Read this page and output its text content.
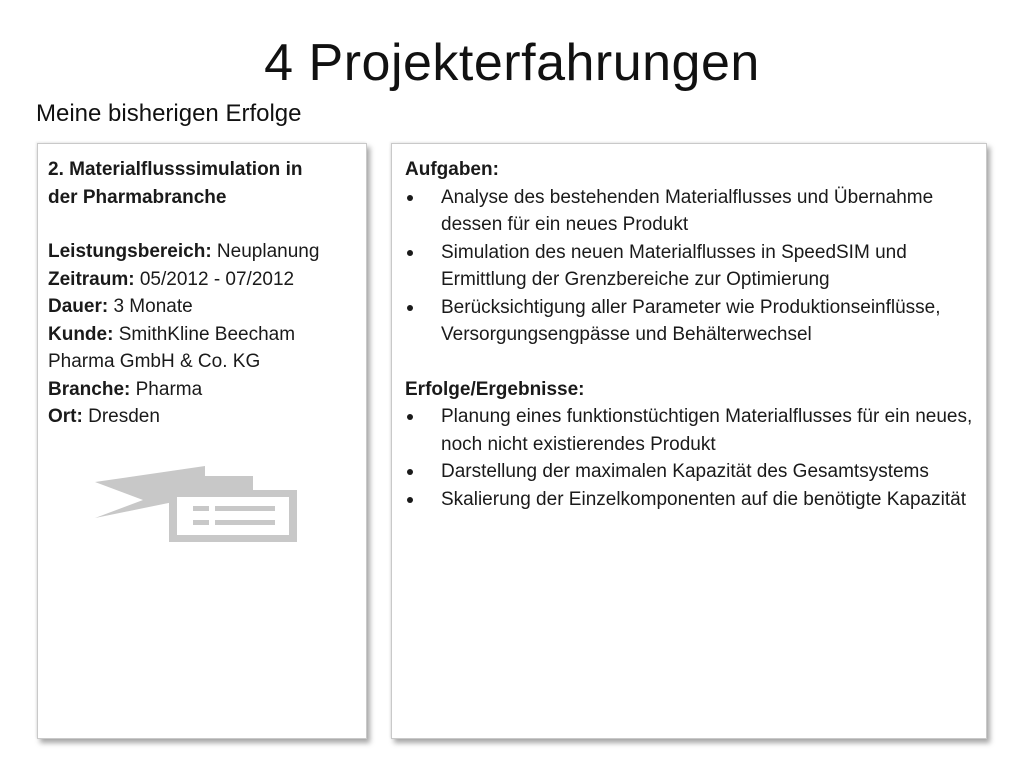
4 Projekterfahrungen
Meine bisherigen Erfolge
2. Materialflusssimulation in
der Pharmabranche
Leistungsbereich: Neuplanung
Zeitraum: 05/2012 - 07/2012
Dauer: 3 Monate
Kunde: SmithKline Beecham Pharma GmbH & Co. KG
Branche: Pharma
Ort: Dresden
Aufgaben:
Analyse des bestehenden Materialflusses und Übernahme dessen für ein neues Produkt
Simulation des neuen Materialflusses in SpeedSIM und Ermittlung der Grenzbereiche zur Optimierung
Berücksichtigung aller Parameter wie Produktionseinflüsse, Versorgungsengpässe und Behälterwechsel
Erfolge/Ergebnisse:
Planung eines funktionstüchtigen Materialflusses für ein neues, noch nicht existierendes Produkt
Darstellung der maximalen Kapazität des Gesamtsystems
Skalierung der Einzelkomponenten auf die benötigte Kapazität
